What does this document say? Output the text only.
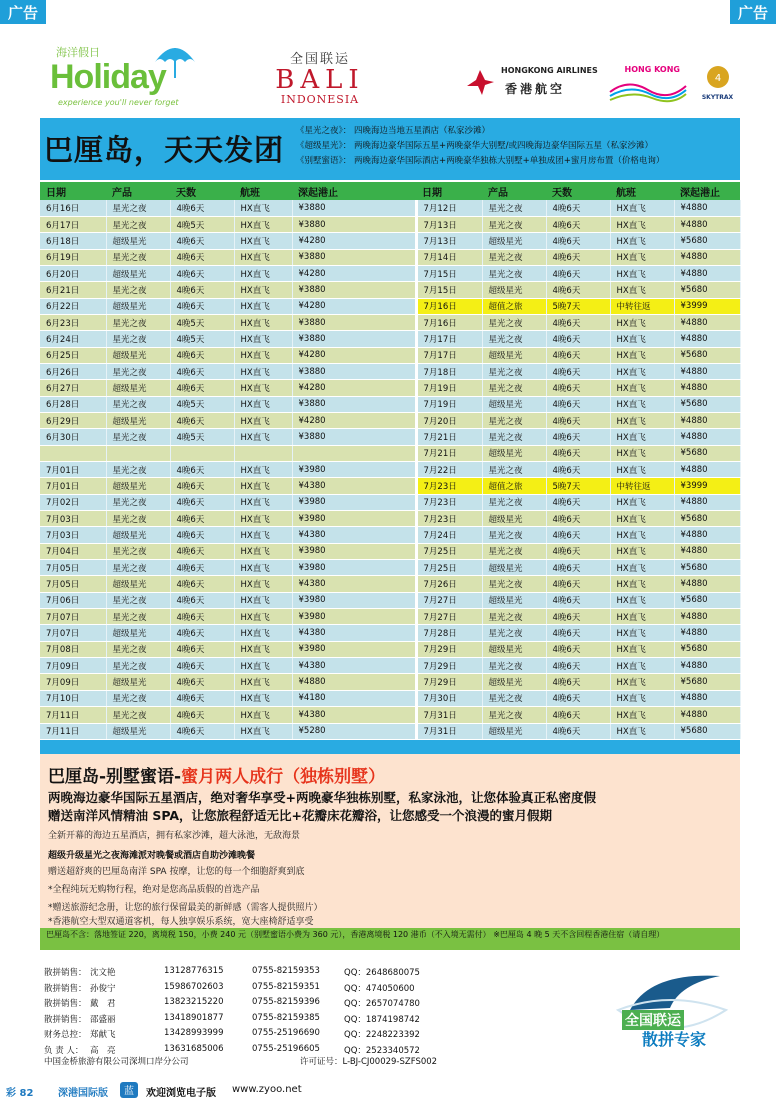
广告	广告
海洋假日
Holiday
experience you'll never forget
全国联运
BALI
INDONESIA
HONGKONG AIRLINES
香港航空
HONG KONG
4
SKYTRAX
巴厘岛，天天发团
《星光之夜》： 四晚海边当地五星酒店（私家沙滩）
《超级星光》： 两晚海边豪华国际五星+两晚豪华大别墅/或四晚海边豪华国际五星（私家沙滩）
《别墅蜜语》： 两晚海边豪华国际酒店+两晚豪华独栋大别墅+单独成团+蜜月房布置（价格电询）
日期	产品	天数	航班	深起港止	日期	产品	天数	航班	深起港止
6月16日	星光之夜	4晚6天	HX直飞	¥3880	7月12日	星光之夜	4晚6天	HX直飞	¥4880
6月17日	星光之夜	4晚5天	HX直飞	¥3880	7月13日	星光之夜	4晚6天	HX直飞	¥4880
6月18日	超级星光	4晚6天	HX直飞	¥4280	7月13日	超级星光	4晚6天	HX直飞	¥5680
6月19日	星光之夜	4晚6天	HX直飞	¥3880	7月14日	星光之夜	4晚6天	HX直飞	¥4880
6月20日	超级星光	4晚6天	HX直飞	¥4280	7月15日	星光之夜	4晚6天	HX直飞	¥4880
6月21日	星光之夜	4晚6天	HX直飞	¥3880	7月15日	超级星光	4晚6天	HX直飞	¥5680
6月22日	超级星光	4晚6天	HX直飞	¥4280	7月16日	超值之旅	5晚7天	中转往返	¥3999
6月23日	星光之夜	4晚5天	HX直飞	¥3880	7月16日	星光之夜	4晚6天	HX直飞	¥4880
6月24日	星光之夜	4晚5天	HX直飞	¥3880	7月17日	星光之夜	4晚6天	HX直飞	¥4880
6月25日	超级星光	4晚6天	HX直飞	¥4280	7月17日	超级星光	4晚6天	HX直飞	¥5680
6月26日	星光之夜	4晚6天	HX直飞	¥3880	7月18日	星光之夜	4晚6天	HX直飞	¥4880
6月27日	超级星光	4晚6天	HX直飞	¥4280	7月19日	星光之夜	4晚6天	HX直飞	¥4880
6月28日	星光之夜	4晚5天	HX直飞	¥3880	7月19日	超级星光	4晚6天	HX直飞	¥5680
6月29日	超级星光	4晚6天	HX直飞	¥4280	7月20日	星光之夜	4晚6天	HX直飞	¥4880
6月30日	星光之夜	4晚5天	HX直飞	¥3880	7月21日	星光之夜	4晚6天	HX直飞	¥4880
					7月21日	超级星光	4晚6天	HX直飞	¥5680
7月01日	星光之夜	4晚6天	HX直飞	¥3980	7月22日	星光之夜	4晚6天	HX直飞	¥4880
7月01日	超级星光	4晚6天	HX直飞	¥4380	7月23日	超值之旅	5晚7天	中转往返	¥3999
7月02日	星光之夜	4晚6天	HX直飞	¥3980	7月23日	星光之夜	4晚6天	HX直飞	¥4880
7月03日	星光之夜	4晚6天	HX直飞	¥3980	7月23日	超级星光	4晚6天	HX直飞	¥5680
7月03日	超级星光	4晚6天	HX直飞	¥4380	7月24日	星光之夜	4晚6天	HX直飞	¥4880
7月04日	星光之夜	4晚6天	HX直飞	¥3980	7月25日	星光之夜	4晚6天	HX直飞	¥4880
7月05日	星光之夜	4晚6天	HX直飞	¥3980	7月25日	超级星光	4晚6天	HX直飞	¥5680
7月05日	超级星光	4晚6天	HX直飞	¥4380	7月26日	星光之夜	4晚6天	HX直飞	¥4880
7月06日	星光之夜	4晚6天	HX直飞	¥3980	7月27日	超级星光	4晚6天	HX直飞	¥5680
7月07日	星光之夜	4晚6天	HX直飞	¥3980	7月27日	星光之夜	4晚6天	HX直飞	¥4880
7月07日	超级星光	4晚6天	HX直飞	¥4380	7月28日	星光之夜	4晚6天	HX直飞	¥4880
7月08日	星光之夜	4晚6天	HX直飞	¥3980	7月29日	超级星光	4晚6天	HX直飞	¥5680
7月09日	星光之夜	4晚6天	HX直飞	¥4380	7月29日	星光之夜	4晚6天	HX直飞	¥4880
7月09日	超级星光	4晚6天	HX直飞	¥4880	7月29日	超级星光	4晚6天	HX直飞	¥5680
7月10日	星光之夜	4晚6天	HX直飞	¥4180	7月30日	星光之夜	4晚6天	HX直飞	¥4880
7月11日	星光之夜	4晚6天	HX直飞	¥4380	7月31日	星光之夜	4晚6天	HX直飞	¥4880
7月11日	超级星光	4晚6天	HX直飞	¥5280	7月31日	超级星光	4晚6天	HX直飞	¥5680
巴厘岛-别墅蜜语-蜜月两人成行（独栋别墅）
两晚海边豪华国际五星酒店，绝对奢华享受+两晚豪华独栋别墅，私家泳池，让您体验真正私密度假
赠送南洋风情精油 SPA，让您旅程舒适无比+花瓣床花瓣浴，让您感受一个浪漫的蜜月假期
全新开幕的海边五星酒店，拥有私家沙滩，超大泳池，无敌海景
超级升级星光之夜海滩派对晚餐或酒店自助沙滩晚餐
赠送超舒爽的巴厘岛南洋 SPA 按摩，让您的每一个细胞舒爽到底
*全程纯玩无购物行程，绝对是您高品质假的首选产品
*赠送旅游纪念册，让您的旅行保留最美的新鲜感（需客人提供照片）
*香港航空大型双通道客机，每人独享娱乐系统，宽大座椅舒适享受
巴厘岛不含：落地签证 220，离境税 150，小费 240 元（别墅蜜语小费为 360 元），香港离境税 120 港币（不入境无需付） ※巴厘岛 4 晚 5 天不含回程香港住宿（请自理）
散拼销售： 沈文艳	13128776315	0755-82159353	QQ：2648680075
散拼销售： 孙俊宁	15986702603	0755-82159351	QQ：474050600
散拼销售： 戴　君	13823215220	0755-82159396	QQ：2657074780
散拼销售： 邵盛丽	13418901877	0755-82159385	QQ：1874198742
财务总控： 郑献飞	13428993999	0755-25196690	QQ：2248223392
负 责 人： 高　亮	13631685006	0755-25196605	QQ：2523340572
中国金桥旅游有限公司深圳口岸分公司	许可证号：L-BJ-CJ00029-SZFS002
全国联运
散拼专家
彩 82 深港国际版	蓝	欢迎浏览电子版 www.zyoo.net
